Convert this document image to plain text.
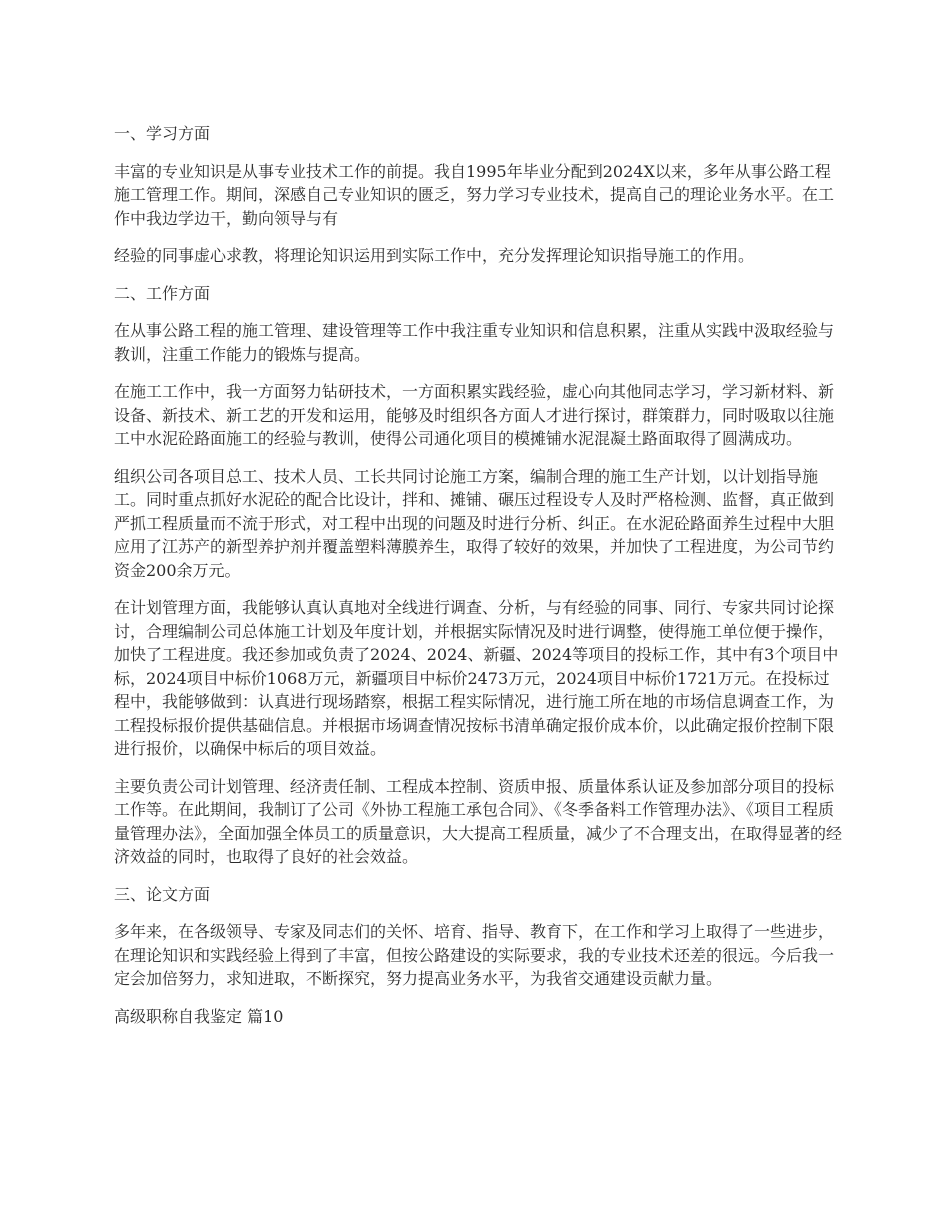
一、学习方面

丰富的专业知识是从事专业技术工作的前提。我自1995年毕业分配到2024X以来，多年从事公路工程施工管理工作。期间，深感自己专业知识的匮乏，努力学习专业技术，提高自己的理论业务水平。在工作中我边学边干，勤向领导与有

经验的同事虚心求教，将理论知识运用到实际工作中，充分发挥理论知识指导施工的作用。

二、工作方面

在从事公路工程的施工管理、建设管理等工作中我注重专业知识和信息积累，注重从实践中汲取经验与教训，注重工作能力的锻炼与提高。

在施工工作中，我一方面努力钻研技术，一方面积累实践经验，虚心向其他同志学习，学习新材料、新设备、新技术、新工艺的开发和运用，能够及时组织各方面人才进行探讨，群策群力，同时吸取以往施工中水泥砼路面施工的经验与教训，使得公司通化项目的模摊铺水泥混凝土路面取得了圆满成功。

组织公司各项目总工、技术人员、工长共同讨论施工方案，编制合理的施工生产计划，以计划指导施工。同时重点抓好水泥砼的配合比设计，拌和、摊铺、碾压过程设专人及时严格检测、监督，真正做到严抓工程质量而不流于形式，对工程中出现的问题及时进行分析、纠正。在水泥砼路面养生过程中大胆应用了江苏产的新型养护剂并覆盖塑料薄膜养生，取得了较好的效果，并加快了工程进度，为公司节约资金200余万元。

在计划管理方面，我能够认真认真地对全线进行调查、分析，与有经验的同事、同行、专家共同讨论探讨，合理编制公司总体施工计划及年度计划，并根据实际情况及时进行调整，使得施工单位便于操作，加快了工程进度。我还参加或负责了2024、2024、新疆、2024等项目的投标工作，其中有3个项目中标，2024项目中标价1068万元，新疆项目中标价2473万元，2024项目中标价1721万元。在投标过程中，我能够做到：认真进行现场踏察，根据工程实际情况，进行施工所在地的市场信息调查工作，为工程投标报价提供基础信息。并根据市场调查情况按标书清单确定报价成本价，以此确定报价控制下限进行报价，以确保中标后的项目效益。

主要负责公司计划管理、经济责任制、工程成本控制、资质申报、质量体系认证及参加部分项目的投标工作等。在此期间，我制订了公司《外协工程施工承包合同》、《冬季备料工作管理办法》、《项目工程质量管理办法》，全面加强全体员工的质量意识，大大提高工程质量，减少了不合理支出，在取得显著的经济效益的同时，也取得了良好的社会效益。

三、论文方面

多年来，在各级领导、专家及同志们的关怀、培育、指导、教育下，在工作和学习上取得了一些进步，在理论知识和实践经验上得到了丰富，但按公路建设的实际要求，我的专业技术还差的很远。今后我一定会加倍努力，求知进取，不断探究，努力提高业务水平，为我省交通建设贡献力量。

高级职称自我鉴定 篇10
